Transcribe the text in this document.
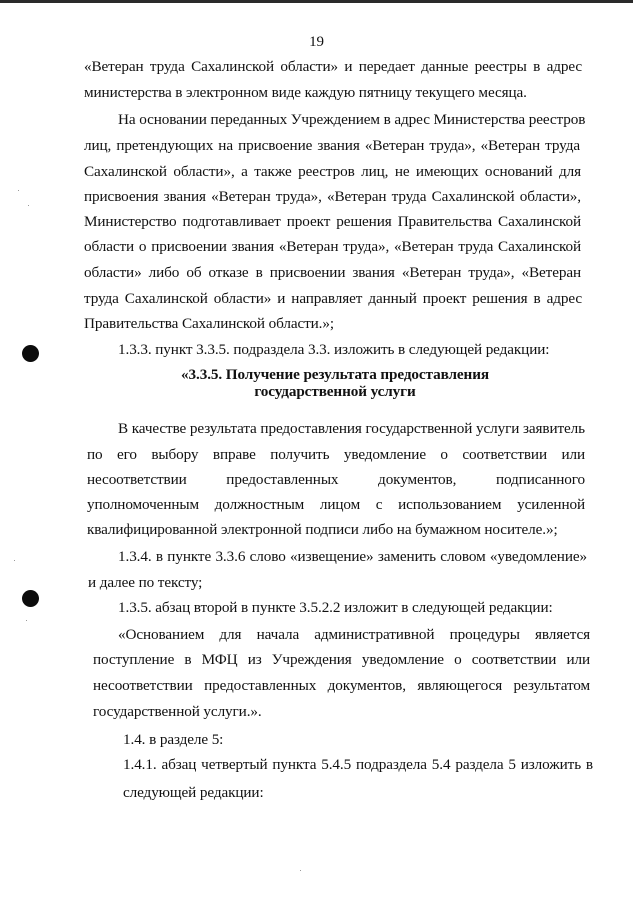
19
«Ветеран труда Сахалинской области» и передает данные реестры в адрес
министерства в электронном виде каждую пятницу текущего месяца.
На основании переданных Учреждением в адрес Министерства реестров
лиц, претендующих на присвоение звания «Ветеран труда», «Ветеран труда
Сахалинской области», а также реестров лиц, не имеющих оснований для
присвоения звания «Ветеран труда», «Ветеран труда Сахалинской области»,
Министерство подготавливает проект решения Правительства Сахалинской
области о присвоении звания «Ветеран труда», «Ветеран труда Сахалинской
области» либо об отказе в присвоении звания «Ветеран труда», «Ветеран
труда Сахалинской области» и направляет данный проект решения в адрес
Правительства Сахалинской области.»;
1.3.3. пункт 3.3.5. подраздела 3.3. изложить в следующей редакции:
«3.3.5. Получение результата предоставления
государственной услуги
В качестве результата предоставления государственной услуги заявитель
по его выбору вправе получить уведомление о соответствии или
несоответствии предоставленных документов, подписанного
уполномоченным должностным лицом с использованием усиленной
квалифицированной электронной подписи либо на бумажном носителе.»;
1.3.4. в пункте 3.3.6 слово «извещение» заменить словом «уведомление»
и далее по тексту;
1.3.5. абзац второй в пункте 3.5.2.2 изложит в следующей редакции:
«Основанием для начала административной процедуры является
поступление в МФЦ из Учреждения уведомление о соответствии или
несоответствии предоставленных документов, являющегося результатом
государственной услуги.».
1.4. в разделе 5:
1.4.1. абзац четвертый пункта 5.4.5 подраздела 5.4 раздела 5 изложить в
следующей редакции:
